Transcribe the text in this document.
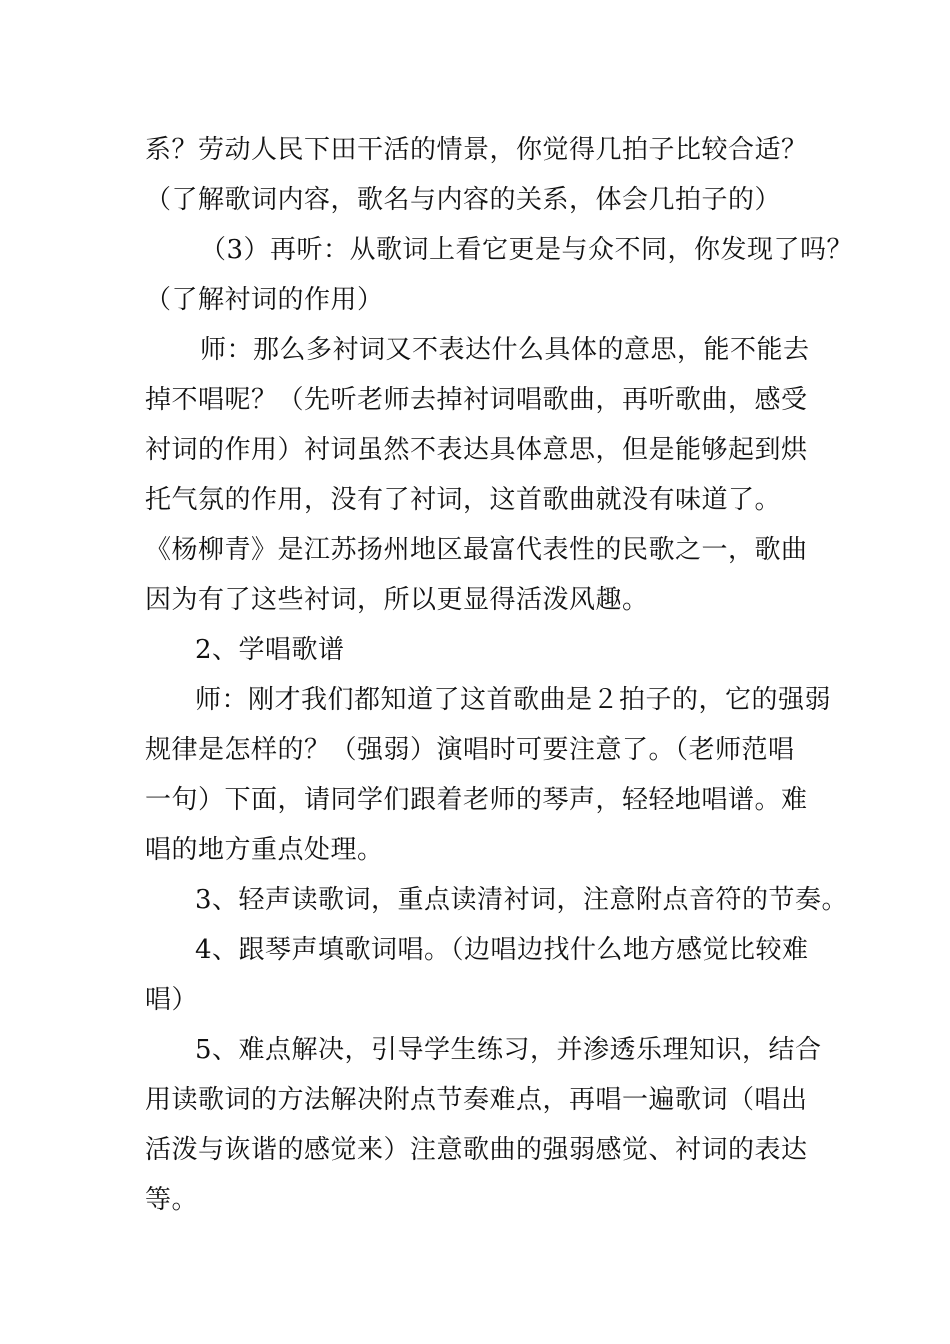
系？劳动人民下田干活的情景，你觉得几拍子比较合适？
（了解歌词内容，歌名与内容的关系，体会几拍子的）
（3）再听：从歌词上看它更是与众不同，你发现了吗？
（了解衬词的作用）
师：那么多衬词又不表达什么具体的意思，能不能去
掉不唱呢？（先听老师去掉衬词唱歌曲，再听歌曲，感受
衬词的作用）衬词虽然不表达具体意思，但是能够起到烘
托气氛的作用，没有了衬词，这首歌曲就没有味道了。
《杨柳青》是江苏扬州地区最富代表性的民歌之一，歌曲
因为有了这些衬词，所以更显得活泼风趣。
2、学唱歌谱
师：刚才我们都知道了这首歌曲是２拍子的，它的强弱
规律是怎样的？（强弱）演唱时可要注意了。（老师范唱
一句）下面，请同学们跟着老师的琴声，轻轻地唱谱。难
唱的地方重点处理。
3、轻声读歌词，重点读清衬词，注意附点音符的节奏。
4、跟琴声填歌词唱。（边唱边找什么地方感觉比较难
唱）
5、难点解决，引导学生练习，并渗透乐理知识，结合
用读歌词的方法解决附点节奏难点，再唱一遍歌词（唱出
活泼与诙谐的感觉来）注意歌曲的强弱感觉、衬词的表达
等。
